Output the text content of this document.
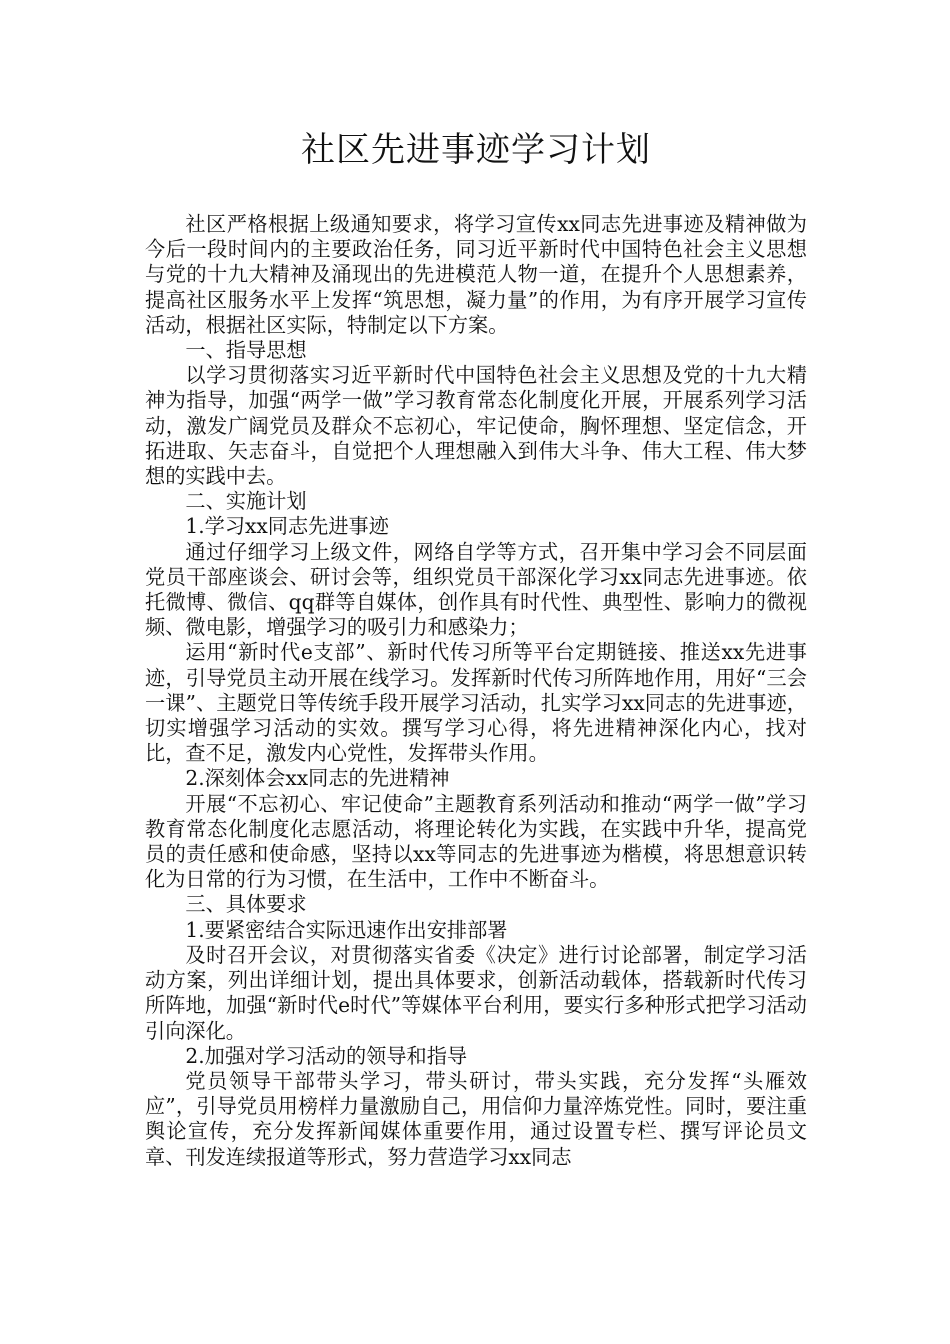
社区先进事迹学习计划

社区严格根据上级通知要求，将学习宣传xx同志先进事迹及精神做为今后一段时间内的主要政治任务，同习近平新时代中国特色社会主义思想与党的十九大精神及涌现出的先进模范人物一道，在提升个人思想素养，提高社区服务水平上发挥“筑思想，凝力量”的作用，为有序开展学习宣传活动，根据社区实际，特制定以下方案。

一、指导思想

以学习贯彻落实习近平新时代中国特色社会主义思想及党的十九大精神为指导，加强“两学一做”学习教育常态化制度化开展，开展系列学习活动，激发广阔党员及群众不忘初心，牢记使命，胸怀理想、坚定信念，开拓进取、矢志奋斗，自觉把个人理想融入到伟大斗争、伟大工程、伟大梦想的实践中去。

二、实施计划

1.学习xx同志先进事迹

通过仔细学习上级文件，网络自学等方式，召开集中学习会不同层面党员干部座谈会、研讨会等，组织党员干部深化学习xx同志先进事迹。依托微博、微信、qq群等自媒体，创作具有时代性、典型性、影响力的微视频、微电影，增强学习的吸引力和感染力；

运用“新时代e支部”、新时代传习所等平台定期链接、推送xx先进事迹，引导党员主动开展在线学习。发挥新时代传习所阵地作用，用好“三会一课”、主题党日等传统手段开展学习活动，扎实学习xx同志的先进事迹，切实增强学习活动的实效。撰写学习心得，将先进精神深化内心，找对比，查不足，激发内心党性，发挥带头作用。

2.深刻体会xx同志的先进精神

开展“不忘初心、牢记使命”主题教育系列活动和推动“两学一做”学习教育常态化制度化志愿活动，将理论转化为实践，在实践中升华，提高党员的责任感和使命感，坚持以xx等同志的先进事迹为楷模，将思想意识转化为日常的行为习惯，在生活中，工作中不断奋斗。

三、具体要求

1.要紧密结合实际迅速作出安排部署

及时召开会议，对贯彻落实省委《决定》进行讨论部署，制定学习活动方案，列出详细计划，提出具体要求，创新活动载体，搭载新时代传习所阵地，加强“新时代e时代”等媒体平台利用，要实行多种形式把学习活动引向深化。

2.加强对学习活动的领导和指导

党员领导干部带头学习，带头研讨，带头实践，充分发挥“头雁效应”，引导党员用榜样力量激励自己，用信仰力量淬炼党性。同时，要注重舆论宣传，充分发挥新闻媒体重要作用，通过设置专栏、撰写评论员文章、刊发连续报道等形式，努力营造学习xx同志
